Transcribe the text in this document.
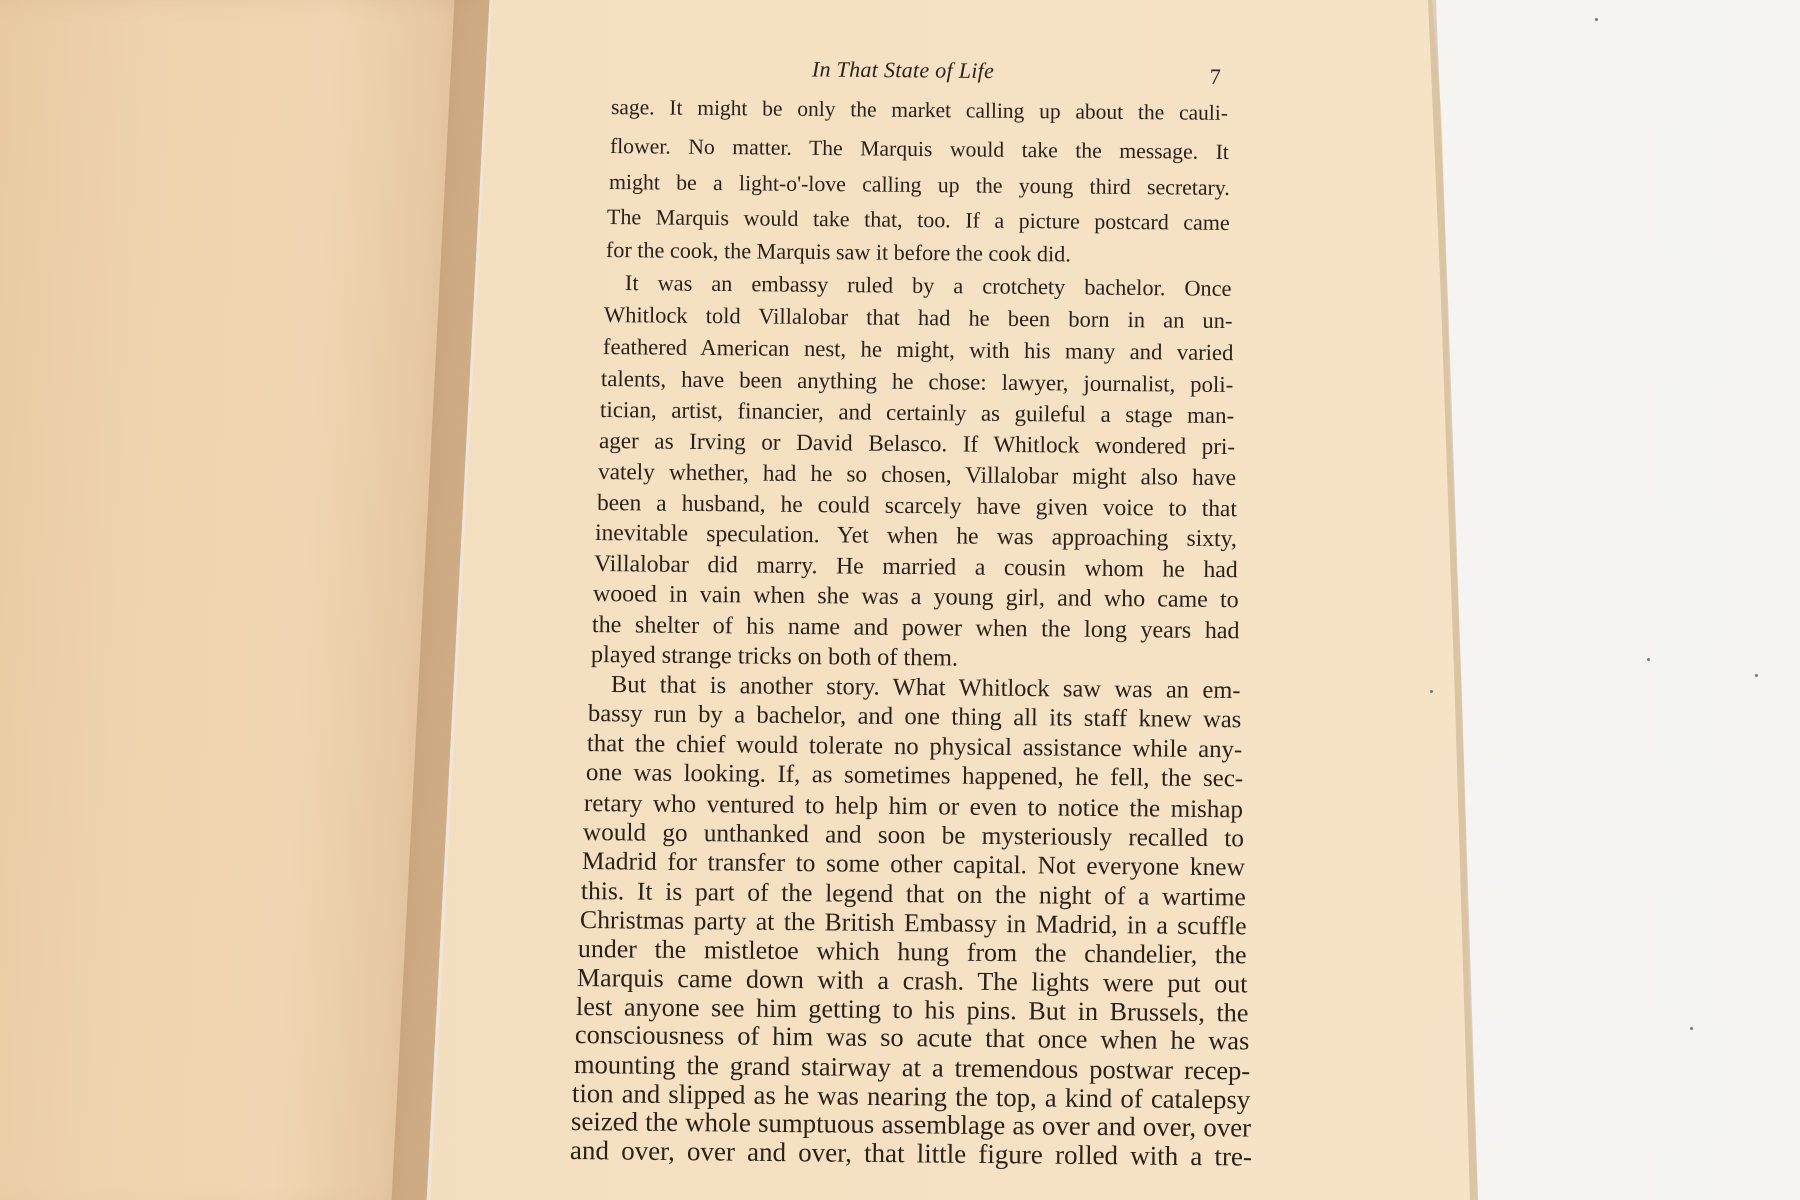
In That State of Life	7
sage. It might be only the market calling up about the cauli-
flower. No matter. The Marquis would take the message. It
might be a light-o'-love calling up the young third secretary.
The Marquis would take that, too. If a picture postcard came
for the cook, the Marquis saw it before the cook did.
It was an embassy ruled by a crotchety bachelor. Once
Whitlock told Villalobar that had he been born in an un-
feathered American nest, he might, with his many and varied
talents, have been anything he chose: lawyer, journalist, poli-
tician, artist, financier, and certainly as guileful a stage man-
ager as Irving or David Belasco. If Whitlock wondered pri-
vately whether, had he so chosen, Villalobar might also have
been a husband, he could scarcely have given voice to that
inevitable speculation. Yet when he was approaching sixty,
Villalobar did marry. He married a cousin whom he had
wooed in vain when she was a young girl, and who came to
the shelter of his name and power when the long years had
played strange tricks on both of them.
But that is another story. What Whitlock saw was an em-
bassy run by a bachelor, and one thing all its staff knew was
that the chief would tolerate no physical assistance while any-
one was looking. If, as sometimes happened, he fell, the sec-
retary who ventured to help him or even to notice the mishap
would go unthanked and soon be mysteriously recalled to
Madrid for transfer to some other capital. Not everyone knew
this. It is part of the legend that on the night of a wartime
Christmas party at the British Embassy in Madrid, in a scuffle
under the mistletoe which hung from the chandelier, the
Marquis came down with a crash. The lights were put out
lest anyone see him getting to his pins. But in Brussels, the
consciousness of him was so acute that once when he was
mounting the grand stairway at a tremendous postwar recep-
tion and slipped as he was nearing the top, a kind of catalepsy
seized the whole sumptuous assemblage as over and over, over
and over, over and over, that little figure rolled with a tre-
